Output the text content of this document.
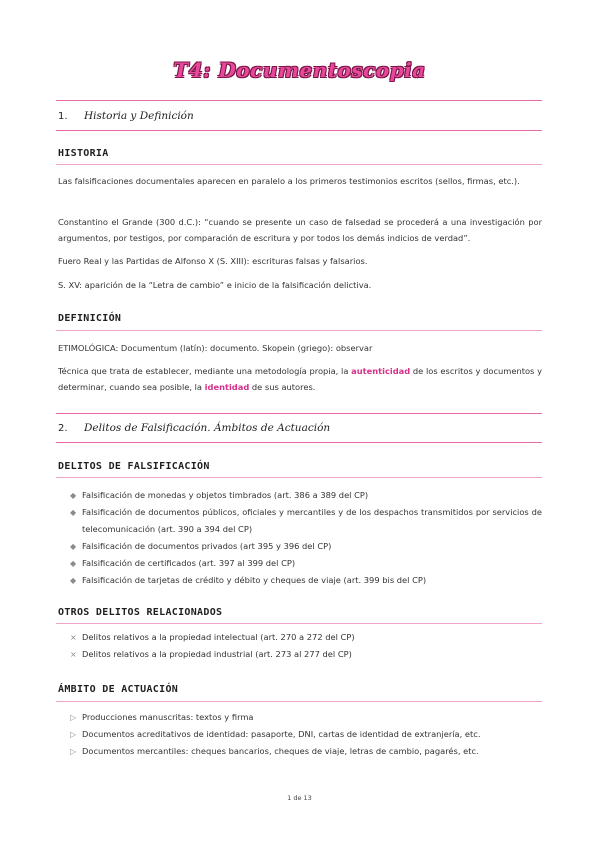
T4: Documentoscopia
1. Historia y Definición
HISTORIA
Las falsificaciones documentales aparecen en paralelo a los primeros testimonios escritos (sellos, firmas, etc.).
Constantino el Grande (300 d.C.): “cuando se presente un caso de falsedad se procederá a una investigación por argumentos, por testigos, por comparación de escritura y por todos los demás indicios de verdad”.
Fuero Real y las Partidas de Alfonso X (S. XIII): escrituras falsas y falsarios.
S. XV: aparición de la “Letra de cambio” e inicio de la falsificación delictiva.
DEFINICIÓN
ETIMOLÓGICA: Documentum (latín): documento. Skopein (griego): observar
Técnica que trata de establecer, mediante una metodología propia, la autenticidad de los escritos y documentos y determinar, cuando sea posible, la identidad de sus autores.
2. Delitos de Falsificación. Ámbitos de Actuación
DELITOS DE FALSIFICACIÓN
◆ Falsificación de monedas y objetos timbrados (art. 386 a 389 del CP)
◆ Falsificación de documentos públicos, oficiales y mercantiles y de los despachos transmitidos por servicios de telecomunicación (art. 390 a 394 del CP)
◆ Falsificación de documentos privados (art 395 y 396 del CP)
◆ Falsificación de certificados (art. 397 al 399 del CP)
◆ Falsificación de tarjetas de crédito y débito y cheques de viaje (art. 399 bis del CP)
OTROS DELITOS RELACIONADOS
× Delitos relativos a la propiedad intelectual (art. 270 a 272 del CP)
× Delitos relativos a la propiedad industrial (art. 273 al 277 del CP)
ÁMBITO DE ACTUACIÓN
▷ Producciones manuscritas: textos y firma
▷ Documentos acreditativos de identidad: pasaporte, DNI, cartas de identidad de extranjería, etc.
▷ Documentos mercantiles: cheques bancarios, cheques de viaje, letras de cambio, pagarés, etc.
1 de 13
